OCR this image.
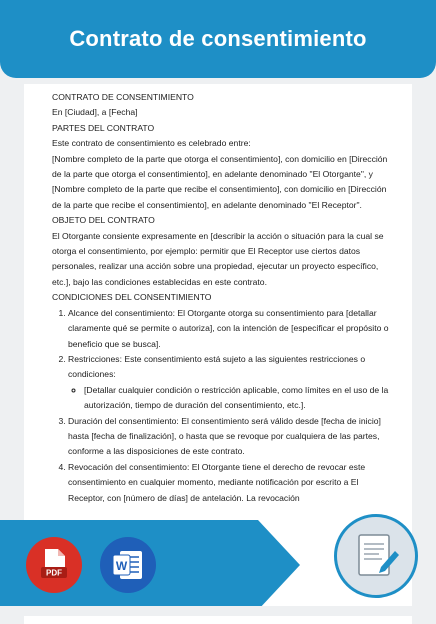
Contrato de consentimiento

CONTRATO DE CONSENTIMIENTO

En [Ciudad], a [Fecha]

PARTES DEL CONTRATO

Este contrato de consentimiento es celebrado entre:

[Nombre completo de la parte que otorga el consentimiento], con domicilio en [Dirección de la parte que otorga el consentimiento], en adelante denominado "El Otorgante", y

[Nombre completo de la parte que recibe el consentimiento], con domicilio en [Dirección de la parte que recibe el consentimiento], en adelante denominado "El Receptor".

OBJETO DEL CONTRATO

El Otorgante consiente expresamente en [describir la acción o situación para la cual se otorga el consentimiento, por ejemplo: permitir que El Receptor use ciertos datos personales, realizar una acción sobre una propiedad, ejecutar un proyecto específico, etc.], bajo las condiciones establecidas en este contrato.

CONDICIONES DEL CONSENTIMIENTO

1. Alcance del consentimiento: El Otorgante otorga su consentimiento para [detallar claramente qué se permite o autoriza], con la intención de [especificar el propósito o beneficio que se busca].
2. Restricciones: Este consentimiento está sujeto a las siguientes restricciones o condiciones:
◦ [Detallar cualquier condición o restricción aplicable, como límites en el uso de la autorización, tiempo de duración del consentimiento, etc.].
3. Duración del consentimiento: El consentimiento será válido desde [fecha de inicio] hasta [fecha de finalización], o hasta que se revoque por cualquiera de las partes, conforme a las disposiciones de este contrato.
4. Revocación del consentimiento: El Otorgante tiene el derecho de revocar este consentimiento en cualquier momento, mediante notificación por escrito a El Receptor, con [número de días] de antelación. La revocación
PDF	W
